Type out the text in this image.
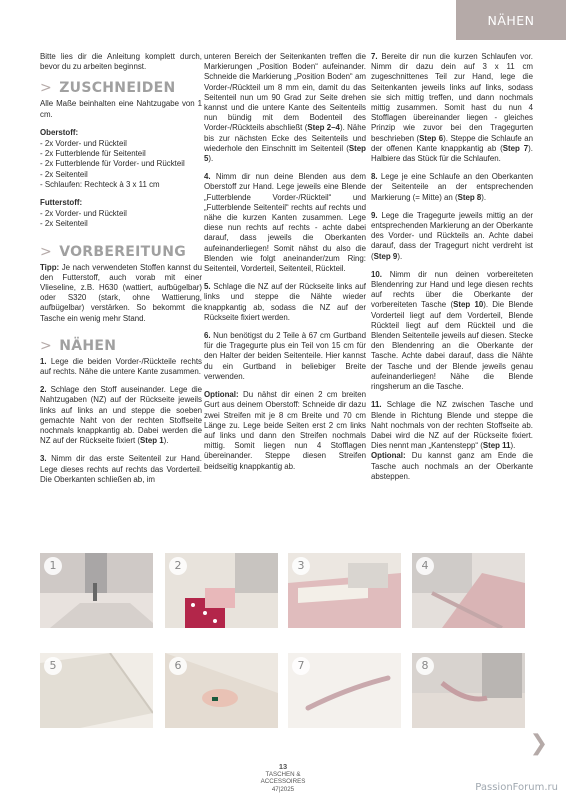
NÄHEN

Bitte lies dir die Anleitung komplett durch, bevor du zu arbeiten beginnst.

> ZUSCHNEIDEN

Alle Maße beinhalten eine Nahtzugabe von 1 cm.

Oberstoff:

- 2x Vorder- und Rückteil
- 2x Futterblende für Seitenteil
- 2x Futterblende für Vorder- und Rückteil
- 2x Seitenteil
- Schlaufen: Rechteck à 3 x 11 cm

Futterstoff:

- 2x Vorder- und Rückteil
- 2x Seitenteil
> VORBEREITUNG

Tipp: Je nach verwendeten Stoffen kannst du den Futterstoff, auch vorab mit einer Vlieseline, z.B. H630 (wattiert, aufbügelbar) oder S320 (stark, ohne Wattierung, aufbügelbar) verstärken. So bekommt die Tasche ein wenig mehr Stand.

> NÄHEN

1. Lege die beiden Vorder-/Rückteile rechts auf rechts. Nähe die untere Kante zusammen.

2. Schlage den Stoff auseinander. Lege die Nahtzugaben (NZ) auf der Rückseite jeweils links auf links an und steppe die soeben gemachte Naht von der rechten Stoffseite nochmals knappkantig ab. Dabei werden die NZ auf der Rückseite fixiert (Step 1).

3. Nimm dir das erste Seitenteil zur Hand. Lege dieses rechts auf rechts das Vorderteil. Die Oberkanten schließen ab, im

unteren Bereich der Seitenkanten treffen die Markierungen „Position Boden“ aufeinander. Schneide die Markierung „Position Boden“ am Vorder-/Rückteil um 8 mm ein, damit du das Seitenteil nun um 90 Grad zur Seite drehen kannst und die untere Kante des Seitenteils nun bündig mit dem Bodenteil des Vorder-/Rückteils abschließt (Step 2–4). Nähe bis zur nächsten Ecke des Seitenteils und wiederhole den Einschnitt im Seitenteil (Step 5).

4. Nimm dir nun deine Blenden aus dem Oberstoff zur Hand. Lege jeweils eine Blende „Futterblende Vorder-/Rückteil“ und „Futterblende Seitenteil“ rechts auf rechts und nähe die kurzen Kanten zusammen. Lege diese nun rechts auf rechts - achte dabei darauf, dass jeweils die Oberkanten aufeinanderliegen! Somit nähst du also die Blenden wie folgt aneinander/zum Ring: Seitenteil, Vorderteil, Seitenteil, Rückteil.

5. Schlage die NZ auf der Rückseite links auf links und steppe die Nähte wieder knappkantig ab, sodass die NZ auf der Rückseite fixiert werden.

6. Nun benötigst du 2 Teile à 67 cm Gurtband für die Tragegurte plus ein Teil von 15 cm für den Halter der beiden Seitenteile. Hier kannst du ein Gurtband in beliebiger Breite verwenden.

Optional: Du nähst dir einen 2 cm breiten Gurt aus deinem Oberstoff: Schneide dir dazu zwei Streifen mit je 8 cm Breite und 70 cm Länge zu. Lege beide Seiten erst 2 cm links auf links und dann den Streifen nochmals mittig. Somit liegen nun 4 Stofflagen übereinander. Steppe diesen Streifen beidseitig knappkantig ab.

7. Bereite dir nun die kurzen Schlaufen vor. Nimm dir dazu dein auf 3 x 11 cm zugeschnittenes Teil zur Hand, lege die Seitenkanten jeweils links auf links, sodass sie sich mittig treffen, und dann nochmals mittig zusammen. Somit hast du nun 4 Stofflagen übereinander liegen - gleiches Prinzip wie zuvor bei den Tragegurten beschrieben (Step 6). Steppe die Schlaufe an der offenen Kante knappkantig ab (Step 7). Halbiere das Stück für die Schlaufen.

8. Lege je eine Schlaufe an den Oberkanten der Seitenteile an der entsprechenden Markierung (= Mitte) an (Step 8).

9. Lege die Tragegurte jeweils mittig an der entsprechenden Markierung an der Oberkante des Vorder- und Rückteils an. Achte dabei darauf, dass der Tragegurt nicht verdreht ist (Step 9).

10. Nimm dir nun deinen vorbereiteten Blendenring zur Hand und lege diesen rechts auf rechts über die Oberkante der vorbereiteten Tasche (Step 10). Die Blende Vorderteil liegt auf dem Vorderteil, Blende Rückteil liegt auf dem Rückteil und die Blenden Seitenteile jeweils auf diesen. Stecke den Blendenring an die Oberkante der Tasche. Achte dabei darauf, dass die Nähte der Tasche und der Blende jeweils genau aufeinanderliegen! Nähe die Blende ringsherum an die Tasche.

11. Schlage die NZ zwischen Tasche und Blende in Richtung Blende und steppe die Naht nochmals von der rechten Stoffseite ab. Dabei wird die NZ auf der Rückseite fixiert. Dies nennt man „Kantenstepp“ (Step 11).
Optional: Du kannst ganz am Ende die Tasche auch nochmals an der Oberkante absteppen.

1	2	3	4
5	6	7	8
❯
13
TASCHEN &
ACCESSOIRES
47|2025	PassionForum.ru
